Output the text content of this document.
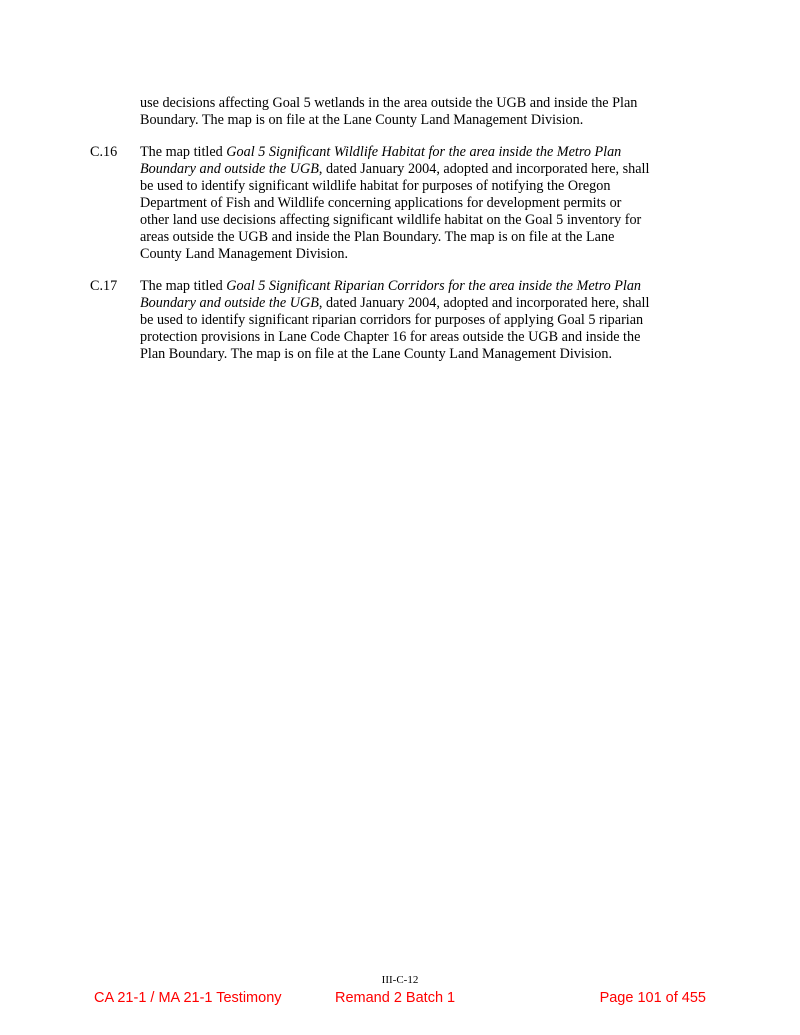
use decisions affecting Goal 5 wetlands in the area outside the UGB and inside the Plan
Boundary. The map is on file at the Lane County Land Management Division.
C.16	The map titled Goal 5 Significant Wildlife Habitat for the area inside the Metro Plan
Boundary and outside the UGB, dated January 2004, adopted and incorporated here, shall
be used to identify significant wildlife habitat for purposes of notifying the Oregon
Department of Fish and Wildlife concerning applications for development permits or
other land use decisions affecting significant wildlife habitat on the Goal 5 inventory for
areas outside the UGB and inside the Plan Boundary. The map is on file at the Lane
County Land Management Division.
C.17	The map titled Goal 5 Significant Riparian Corridors for the area inside the Metro Plan
Boundary and outside the UGB, dated January 2004, adopted and incorporated here, shall
be used to identify significant riparian corridors for purposes of applying Goal 5 riparian
protection provisions in Lane Code Chapter 16 for areas outside the UGB and inside the
Plan Boundary. The map is on file at the Lane County Land Management Division.
III-C-12
CA 21-1 / MA 21-1 Testimony	Remand 2 Batch 1	Page 101 of 455
